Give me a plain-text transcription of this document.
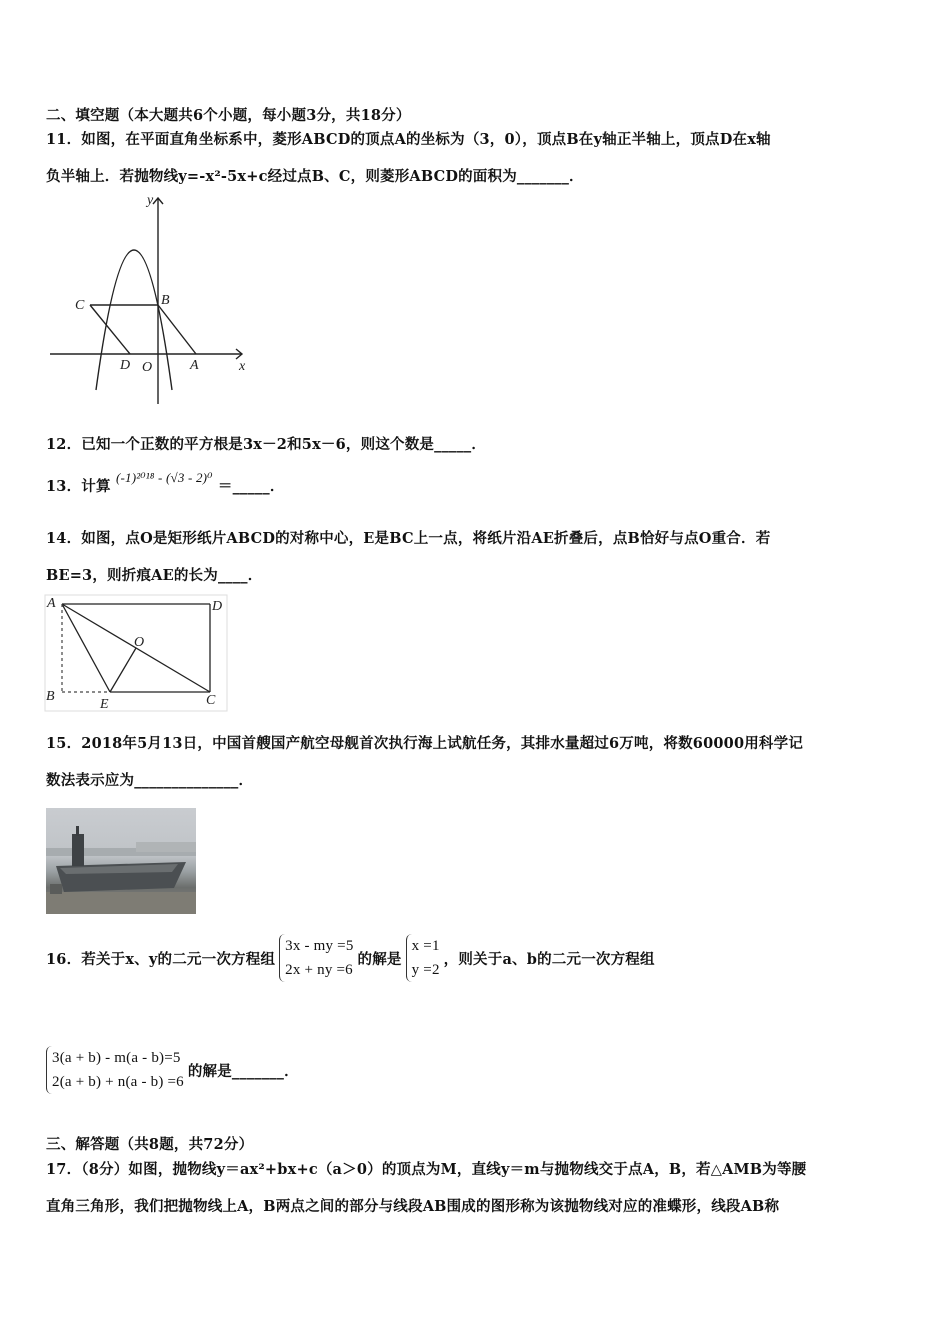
二、填空题（本大题共6个小题，每小题3分，共18分）
11．如图，在平面直角坐标系中，菱形ABCD的顶点A的坐标为（3，0），顶点B在y轴正半轴上，顶点D在x轴
负半轴上．若抛物线y=-x²-5x+c经过点B、C，则菱形ABCD的面积为_______．
y
x
C	B
D O	A
12．已知一个正数的平方根是3x－2和5x－6，则这个数是_____．
13．计算 (-1)²⁰¹⁸ - (√3 - 2)⁰ ＝_____．
14．如图，点O是矩形纸片ABCD的对称中心，E是BC上一点，将纸片沿AE折叠后，点B恰好与点O重合．若
BE=3，则折痕AE的长为____．
A	D
O
B
E	C
15．2018年5月13日，中国首艘国产航空母舰首次执行海上试航任务，其排水量超过6万吨，将数60000用科学记
数法表示应为______________．
16．若关于x、y的二元一次方程组
3x - my =5
2x + ny =6
的解是
x =1
y =2
，则关于a、b的二元一次方程组
3(a + b) - m(a - b)=5
2(a + b) + n(a - b) =6
的解是_______．
三、解答题（共8题，共72分）
17．（8分）如图，抛物线y＝ax²+bx+c（a＞0）的顶点为M，直线y＝m与抛物线交于点A，B，若△AMB为等腰
直角三角形，我们把抛物线上A，B两点之间的部分与线段AB围成的图形称为该抛物线对应的准蝶形，线段AB称
